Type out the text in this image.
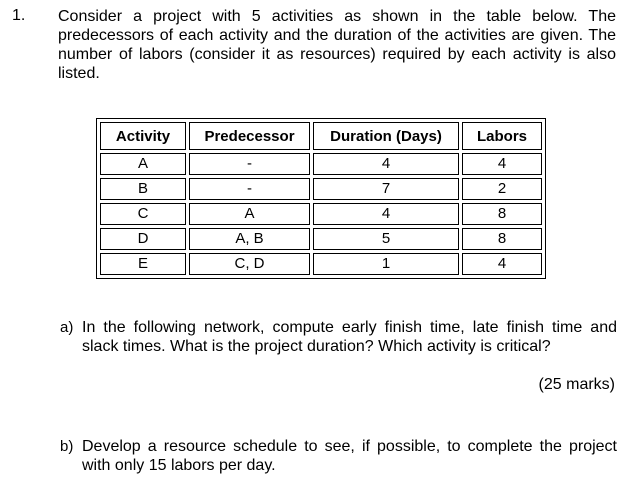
1. Consider a project with 5 activities as shown in the table below. The predecessors of each activity and the duration of the activities are given. The number of labors (consider it as resources) required by each activity is also listed.

Activity	Predecessor	Duration (Days)	Labors
A	-	4	4
B	-	7	2
C	A	4	8
D	A, B	5	8
E	C, D	1	4
a) In the following network, compute early finish time, late finish time and slack times. What is the project duration? Which activity is critical?

(25 marks)
b) Develop a resource schedule to see, if possible, to complete the project with only 15 labors per day.
